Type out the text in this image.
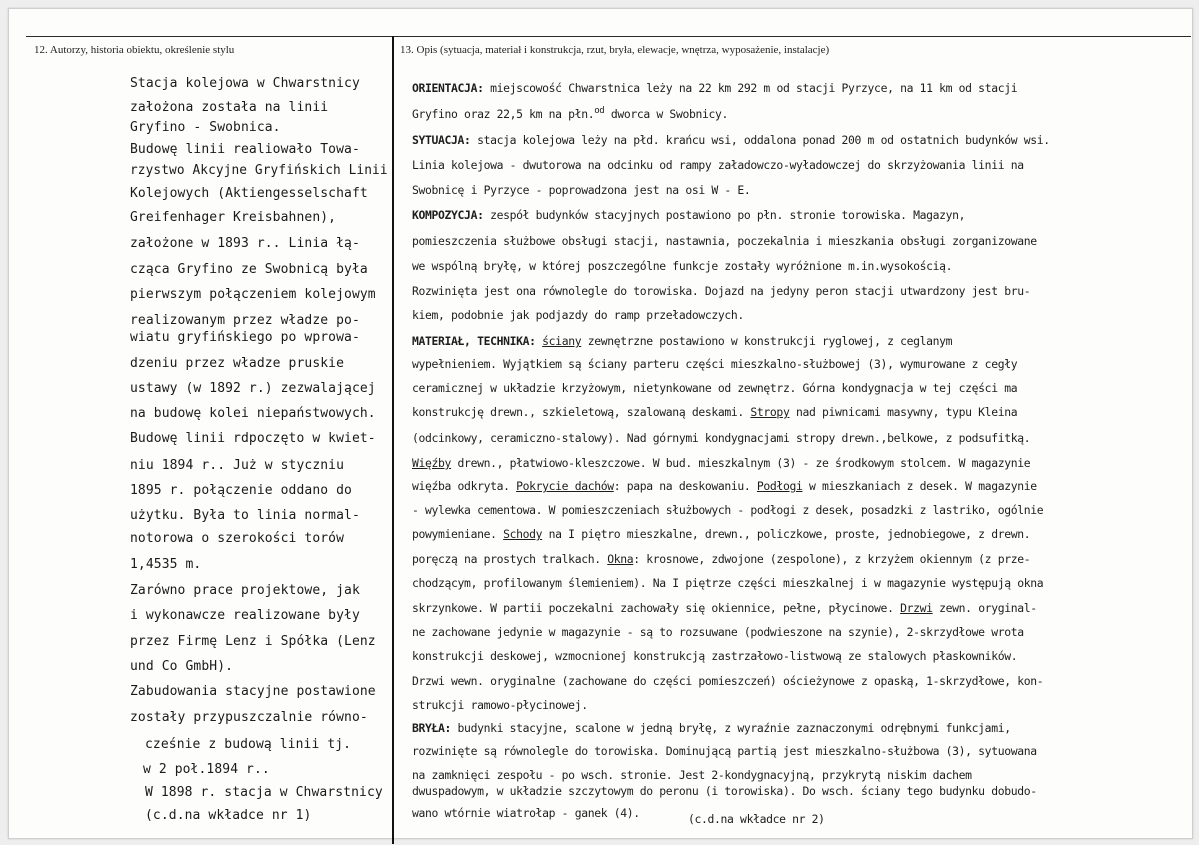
12. Autorzy, historia obiektu, określenie stylu	13. Opis (sytuacja, materiał i konstrukcja, rzut, bryła, elewacje, wnętrza, wyposażenie, instalacje)
Stacja kolejowa w Chwarstnicy
założona została na linii
Gryfino - Swobnica.
Budowę linii realiowało Towa-
rzystwo Akcyjne Gryfińskich Linii
Kolejowych (Aktiengesselschaft
Greifenhager Kreisbahnen),
założone w 1893 r.. Linia łą-
cząca Gryfino ze Swobnicą była
pierwszym połączeniem kolejowym
realizowanym przez władze po-
wiatu gryfińskiego po wprowa-
dzeniu przez władze pruskie
ustawy (w 1892 r.) zezwalającej
na budowę kolei niepaństwowych.
Budowę linii rdpoczęto w kwiet-
niu 1894 r.. Już w styczniu
1895 r. połączenie oddano do
użytku. Była to linia normal-
notorowa o szerokości torów
1,4535 m.
Zarówno prace projektowe, jak
i wykonawcze realizowane były
przez Firmę Lenz i Spółka (Lenz
und Co GmbH).
Zabudowania stacyjne postawione
zostały przypuszczalnie równo-
cześnie z budową linii tj.
w 2 poł.1894 r..
W 1898 r. stacja w Chwarstnicy
(c.d.na wkładce nr 1)
ORIENTACJA: miejscowość Chwarstnica leży na 22 km 292 m od stacji Pyrzyce, na 11 km od stacji
Gryfino oraz 22,5 km na płn.$^{od}$ dworca w Swobnicy.
SYTUACJA: stacja kolejowa leży na płd. krańcu wsi, oddalona ponad 200 m od ostatnich budynków wsi.
Linia kolejowa - dwutorowa na odcinku od rampy załadowczo-wyładowczej do skrzyżowania linii na
Swobnicę i Pyrzyce - poprowadzona jest na osi W - E.
KOMPOZYCJA: zespół budynków stacyjnych postawiono po płn. stronie torowiska. Magazyn,
pomieszczenia służbowe obsługi stacji, nastawnia, poczekalnia i mieszkania obsługi zorganizowane
we wspólną bryłę, w której poszczególne funkcje zostały wyróżnione m.in.wysokością.
Rozwinięta jest ona równolegle do torowiska. Dojazd na jedyny peron stacji utwardzony jest bru-
kiem, podobnie jak podjazdy do ramp przeładowczych.
MATERIAŁ, TECHNIKA: ściany zewnętrzne postawiono w konstrukcji ryglowej, z ceglanym
wypełnieniem. Wyjątkiem są ściany parteru części mieszkalno-służbowej (3), wymurowane z cegły
ceramicznej w układzie krzyżowym, nietynkowane od zewnętrz. Górna kondygnacja w tej części ma
konstrukcję drewn., szkieletową, szalowaną deskami. Stropy nad piwnicami masywny, typu Kleina
(odcinkowy, ceramiczno-stalowy). Nad górnymi kondygnacjami stropy drewn.,belkowe, z podsufitką.
Więźby drewn., płatwiowo-kleszczowe. W bud. mieszkalnym (3) - ze środkowym stolcem. W magazynie
więźba odkryta. Pokrycie dachów: papa na deskowaniu. Podłogi w mieszkaniach z desek. W magazynie
- wylewka cementowa. W pomieszczeniach służbowych - podłogi z desek, posadzki z lastriko, ogólnie
powymieniane. Schody na I piętro mieszkalne, drewn., policzkowe, proste, jednobiegowe, z drewn.
poręczą na prostych tralkach. Okna: krosnowe, zdwojone (zespolone), z krzyżem okiennym (z prze-
chodzącym, profilowanym ślemieniem). Na I piętrze części mieszkalnej i w magazynie występują okna
skrzynkowe. W partii poczekalni zachowały się okiennice, pełne, płycinowe. Drzwi zewn. oryginal-
ne zachowane jedynie w magazynie - są to rozsuwane (podwieszone na szynie), 2-skrzydłowe wrota
konstrukcji deskowej, wzmocnionej konstrukcją zastrzałowo-listwową ze stalowych płaskowników.
Drzwi wewn. oryginalne (zachowane do części pomieszczeń) ościeżynowe z opaską, 1-skrzydłowe, kon-
strukcji ramowo-płycinowej.
BRYŁA: budynki stacyjne, scalone w jedną bryłę, z wyraźnie zaznaczonymi odrębnymi funkcjami,
rozwinięte są równolegle do torowiska. Dominującą partią jest mieszkalno-służbowa (3), sytuowana
na zamknięci zespołu - po wsch. stronie. Jest 2-kondygnacyjną, przykrytą niskim dachem
dwuspadowym, w układzie szczytowym do peronu (i torowiska). Do wsch. ściany tego budynku dobudo-
wano wtórnie wiatrołap - ganek (4).	(c.d.na wkładce nr 2)
